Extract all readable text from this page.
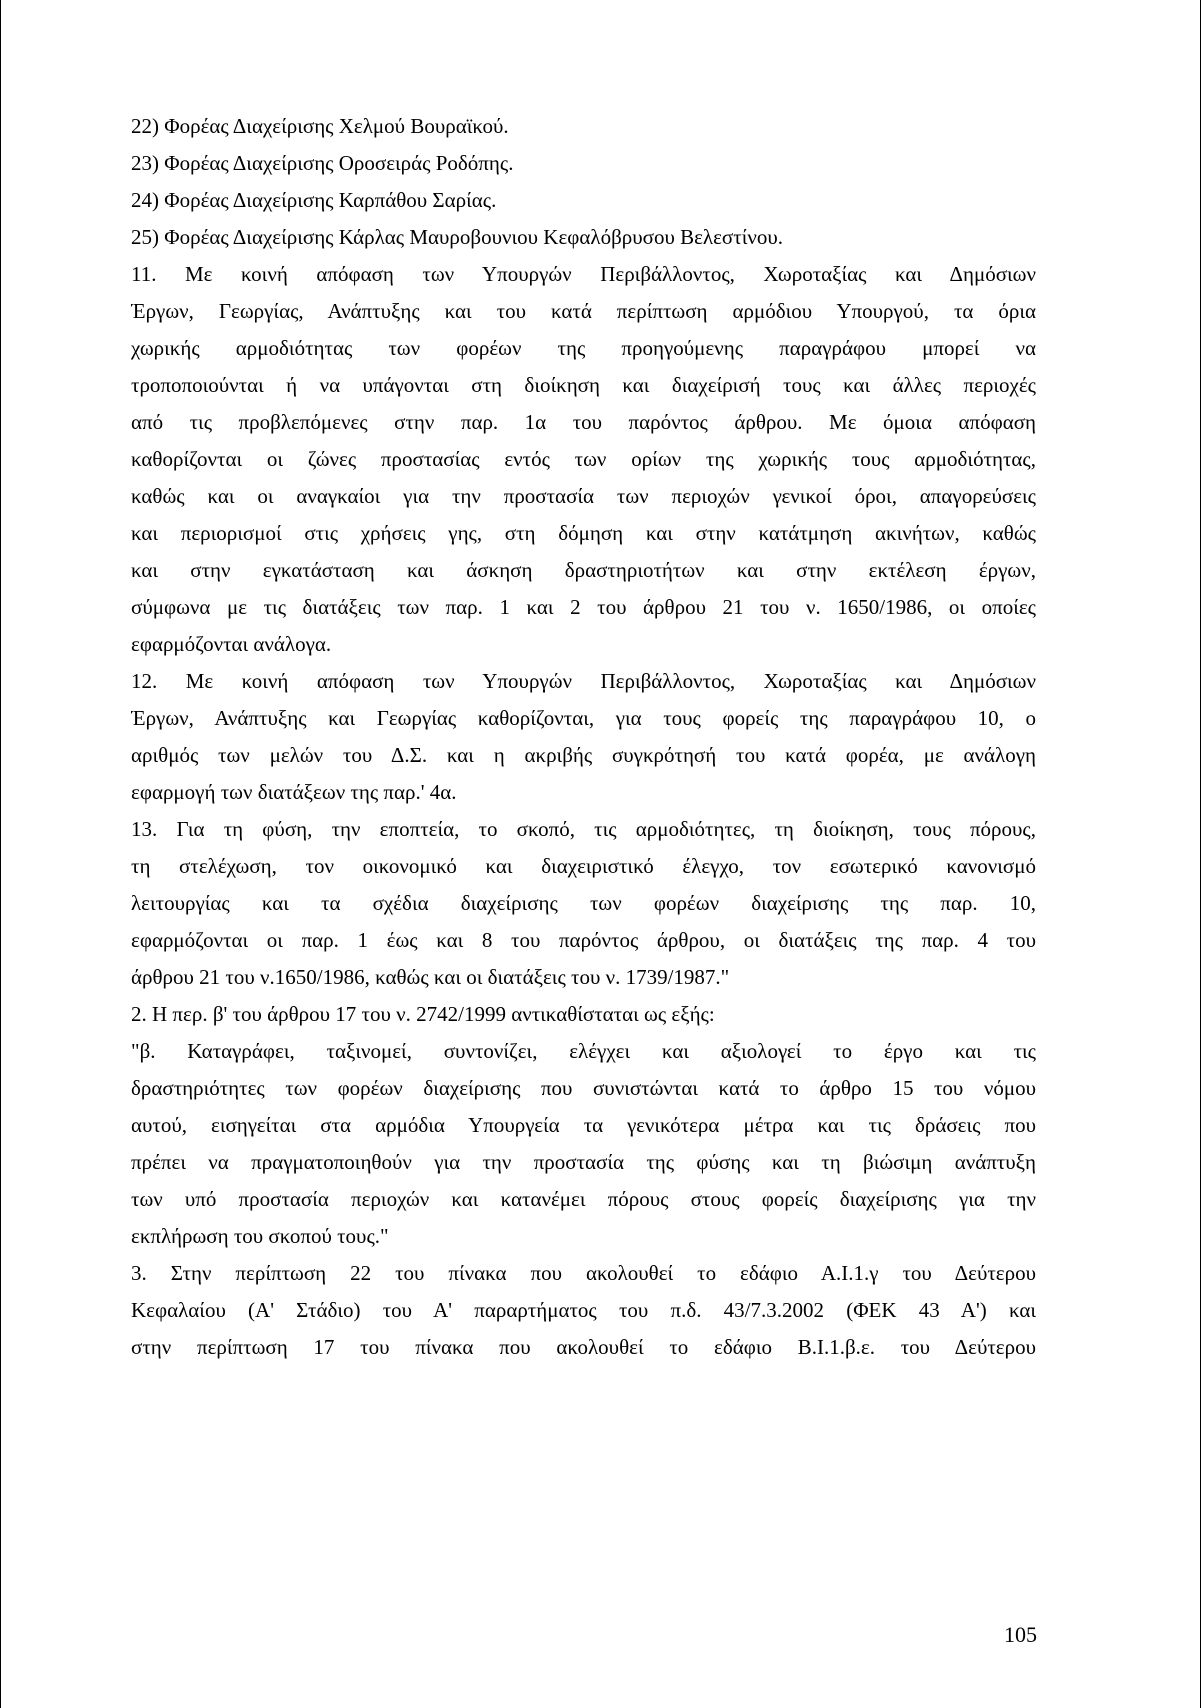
22) Φορέας Διαχείρισης Χελμού Βουραϊκού.
23) Φορέας Διαχείρισης Οροσειράς Ροδόπης.
24) Φορέας Διαχείρισης Καρπάθου Σαρίας.
25) Φορέας Διαχείρισης Κάρλας Μαυροβουνιου Κεφαλόβρυσου Βελεστίνου.
11. Με κοινή απόφαση των Υπουργών Περιβάλλοντος, Χωροταξίας και Δημόσιων
Έργων, Γεωργίας, Ανάπτυξης και του κατά περίπτωση αρμόδιου Υπουργού, τα όρια
χωρικής αρμοδιότητας των φορέων της προηγούμενης παραγράφου μπορεί να
τροποποιούνται ή να υπάγονται στη διοίκηση και διαχείρισή τους και άλλες περιοχές
από τις προβλεπόμενες στην παρ. 1α του παρόντος άρθρου. Με όμοια απόφαση
καθορίζονται οι ζώνες προστασίας εντός των ορίων της χωρικής τους αρμοδιότητας,
καθώς και οι αναγκαίοι για την προστασία των περιοχών γενικοί όροι, απαγορεύσεις
και περιορισμοί στις χρήσεις γης, στη δόμηση και στην κατάτμηση ακινήτων, καθώς
και στην εγκατάσταση και άσκηση δραστηριοτήτων και στην εκτέλεση έργων,
σύμφωνα με τις διατάξεις των παρ. 1 και 2 του άρθρου 21 του ν. 1650/1986, οι οποίες
εφαρμόζονται ανάλογα.
12. Με κοινή απόφαση των Υπουργών Περιβάλλοντος, Χωροταξίας και Δημόσιων
Έργων, Ανάπτυξης και Γεωργίας καθορίζονται, για τους φορείς της παραγράφου 10, ο
αριθμός των μελών του Δ.Σ. και η ακριβής συγκρότησή του κατά φορέα, με ανάλογη
εφαρμογή των διατάξεων της παρ.' 4α.
13. Για τη φύση, την εποπτεία, το σκοπό, τις αρμοδιότητες, τη διοίκηση, τους πόρους,
τη στελέχωση, τον οικονομικό και διαχειριστικό έλεγχο, τον εσωτερικό κανονισμό
λειτουργίας και τα σχέδια διαχείρισης των φορέων διαχείρισης της παρ. 10,
εφαρμόζονται οι παρ. 1 έως και 8 του παρόντος άρθρου, οι διατάξεις της παρ. 4 του
άρθρου 21 του ν.1650/1986, καθώς και οι διατάξεις του ν. 1739/1987."
2. Η περ. β' του άρθρου 17 του ν. 2742/1999 αντικαθίσταται ως εξής:
"β. Καταγράφει, ταξινομεί, συντονίζει, ελέγχει και αξιολογεί το έργο και τις
δραστηριότητες των φορέων διαχείρισης που συνιστώνται κατά το άρθρο 15 του νόμου
αυτού, εισηγείται στα αρμόδια Υπουργεία τα γενικότερα μέτρα και τις δράσεις που
πρέπει να πραγματοποιηθούν για την προστασία της φύσης και τη βιώσιμη ανάπτυξη
των υπό προστασία περιοχών και κατανέμει πόρους στους φορείς διαχείρισης για την
εκπλήρωση του σκοπού τους."
3. Στην περίπτωση 22 του πίνακα που ακολουθεί το εδάφιο Α.Ι.1.γ του Δεύτερου
Κεφαλαίου (Α' Στάδιο) του Α' παραρτήματος του π.δ. 43/7.3.2002 (ΦΕΚ 43 Α') και
στην περίπτωση 17 του πίνακα που ακολουθεί το εδάφιο Β.Ι.1.β.ε. του Δεύτερου
105
